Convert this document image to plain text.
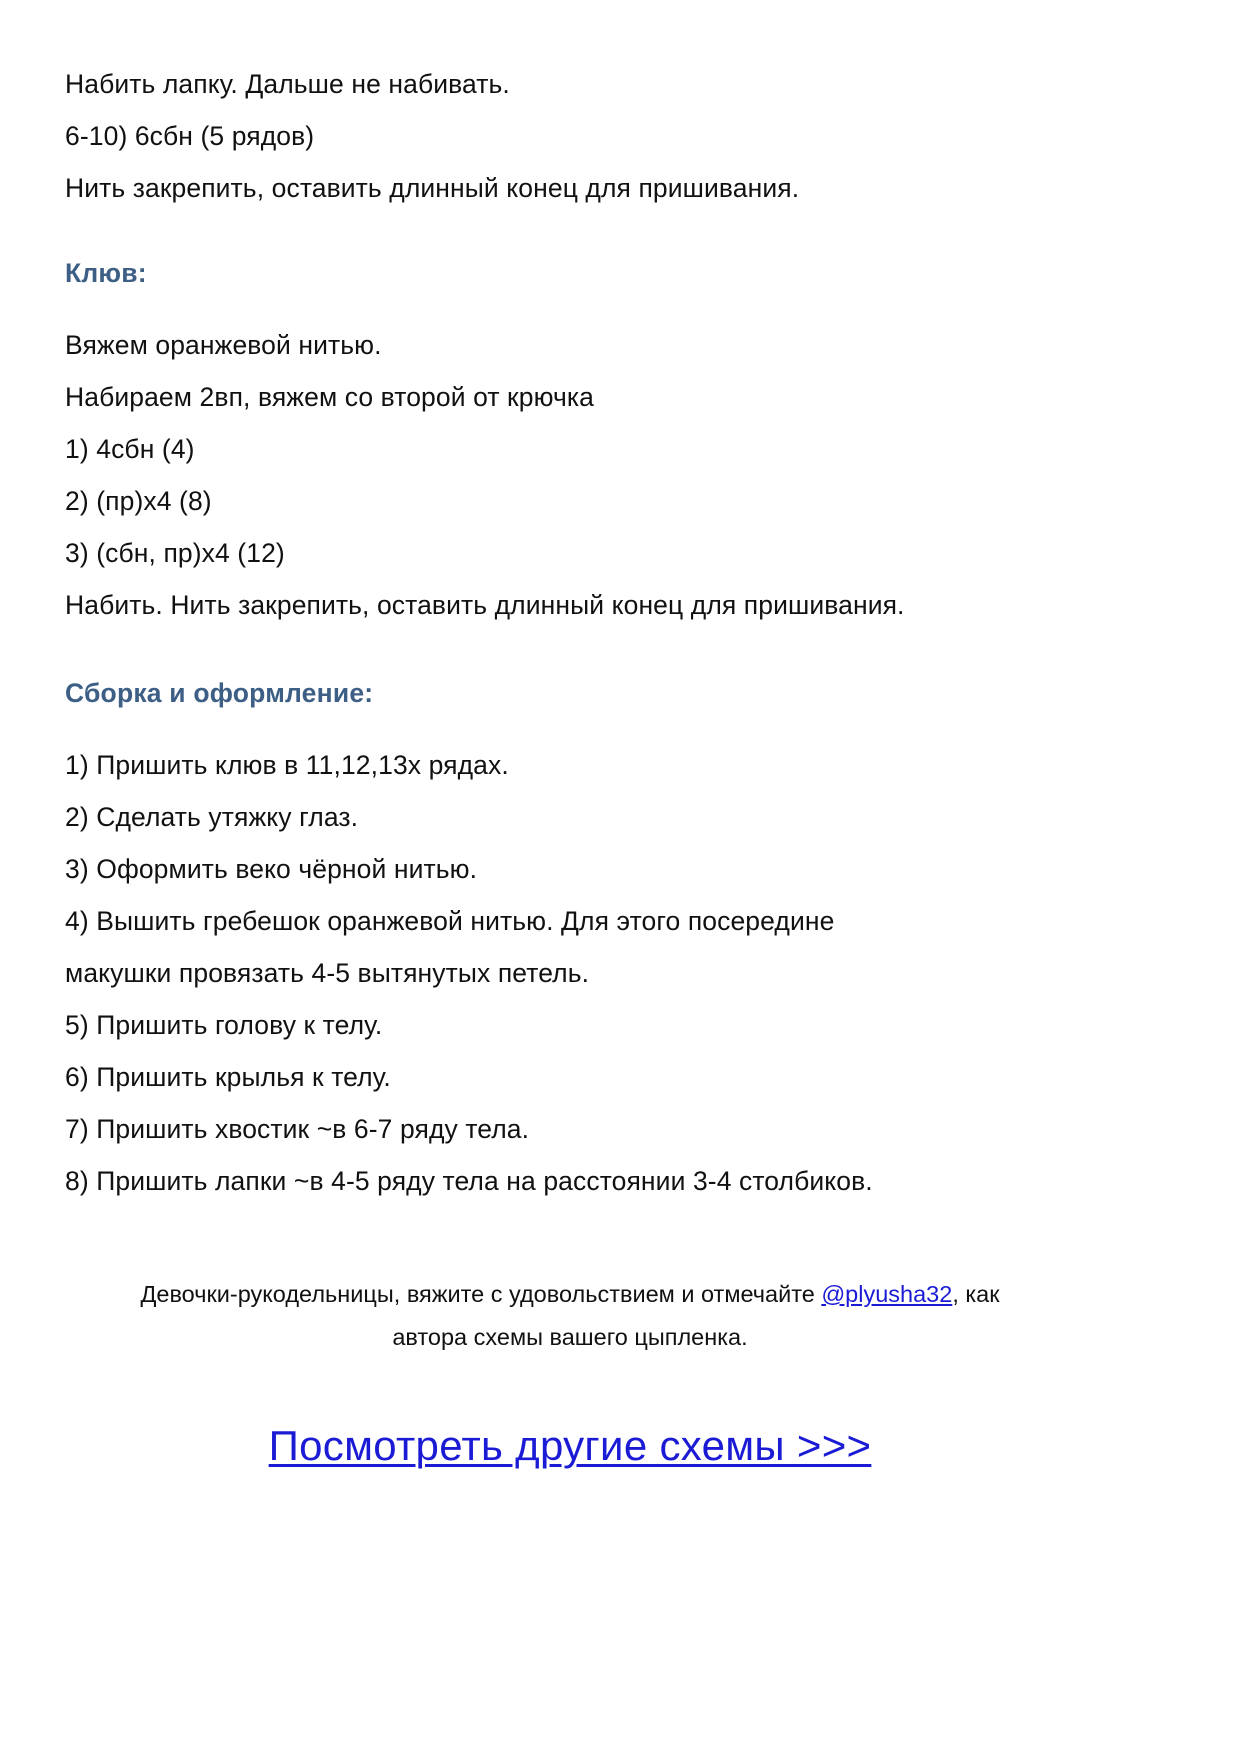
Набить лапку. Дальше не набивать.

6-10) 6сбн (5 рядов)

Нить закрепить, оставить длинный конец для пришивания.

Клюв:

Вяжем оранжевой нитью.

Набираем 2вп, вяжем со второй от крючка

1) 4сбн (4)

2) (пр)х4 (8)

3) (сбн, пр)х4 (12)

Набить. Нить закрепить, оставить длинный конец для пришивания.

Сборка и оформление:

1) Пришить клюв в 11,12,13х рядах.

2) Сделать утяжку глаз.

3) Оформить веко чёрной нитью.

4) Вышить гребешок оранжевой нитью. Для этого посередине

макушки провязать 4-5 вытянутых петель.

5) Пришить голову к телу.

6) Пришить крылья к телу.

7) Пришить хвостик ~в 6-7 ряду тела.

8) Пришить лапки ~в 4-5 ряду тела на расстоянии 3-4 столбиков.

Девочки-рукодельницы, вяжите с удовольствием и отмечайте @plyusha32, как
автора схемы вашего цыпленка.

Посмотреть другие схемы >>>
